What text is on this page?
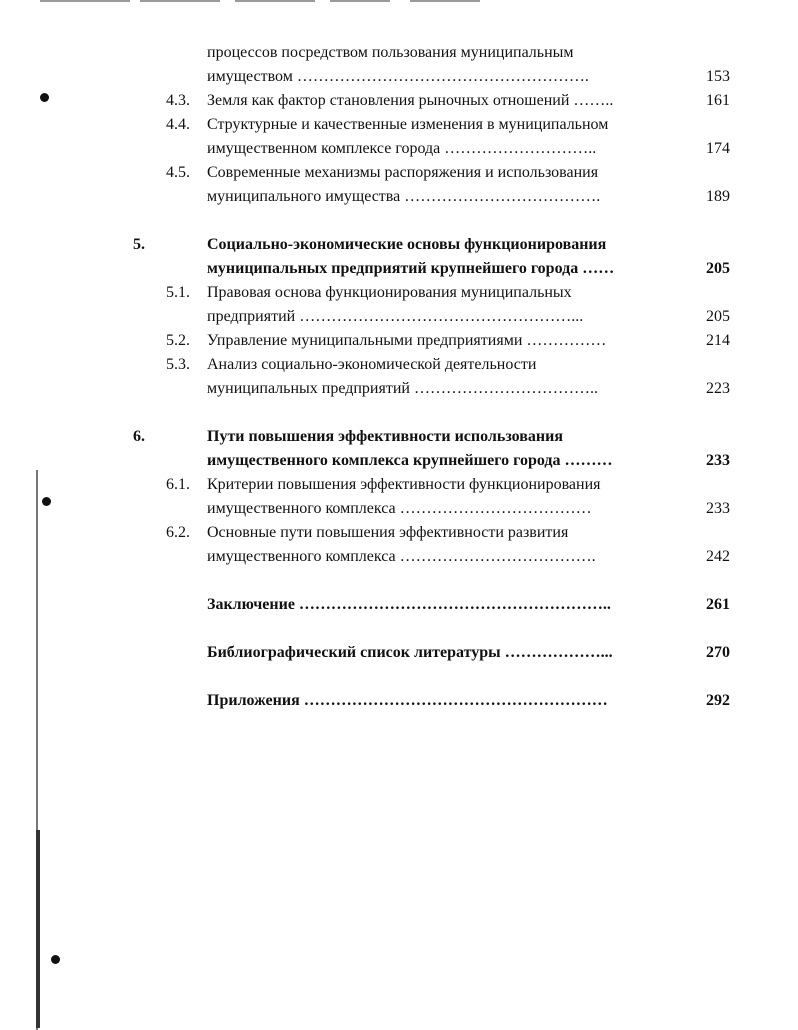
процессов посредством пользования муниципальным
имуществом ……………………………………………….	153
4.3. Земля как фактор становления рыночных отношений ……..	161
4.4. Структурные и качественные изменения в муниципальном
имущественном комплексе города ………………………..	174
4.5. Современные механизмы распоряжения и использования
муниципального имущества ……………………………….	189
5.	Социально-экономические основы функционирования
муниципальных предприятий крупнейшего города ……	205
5.1. Правовая основа функционирования муниципальных
предприятий ……………………………………………...	205
5.2. Управление муниципальными предприятиями ……………	214
5.3. Анализ социально-экономической деятельности
муниципальных предприятий ……………………………..	223
6.	Пути повышения эффективности использования
имущественного комплекса крупнейшего города ………	233
6.1. Критерии повышения эффективности функционирования
имущественного комплекса ………………………………	233
6.2. Основные пути повышения эффективности развития
имущественного комплекса ……………………………….	242
Заключение …………………………………………………..	261
Библиографический список литературы ………………...	270
Приложения …………………………………………………	292
